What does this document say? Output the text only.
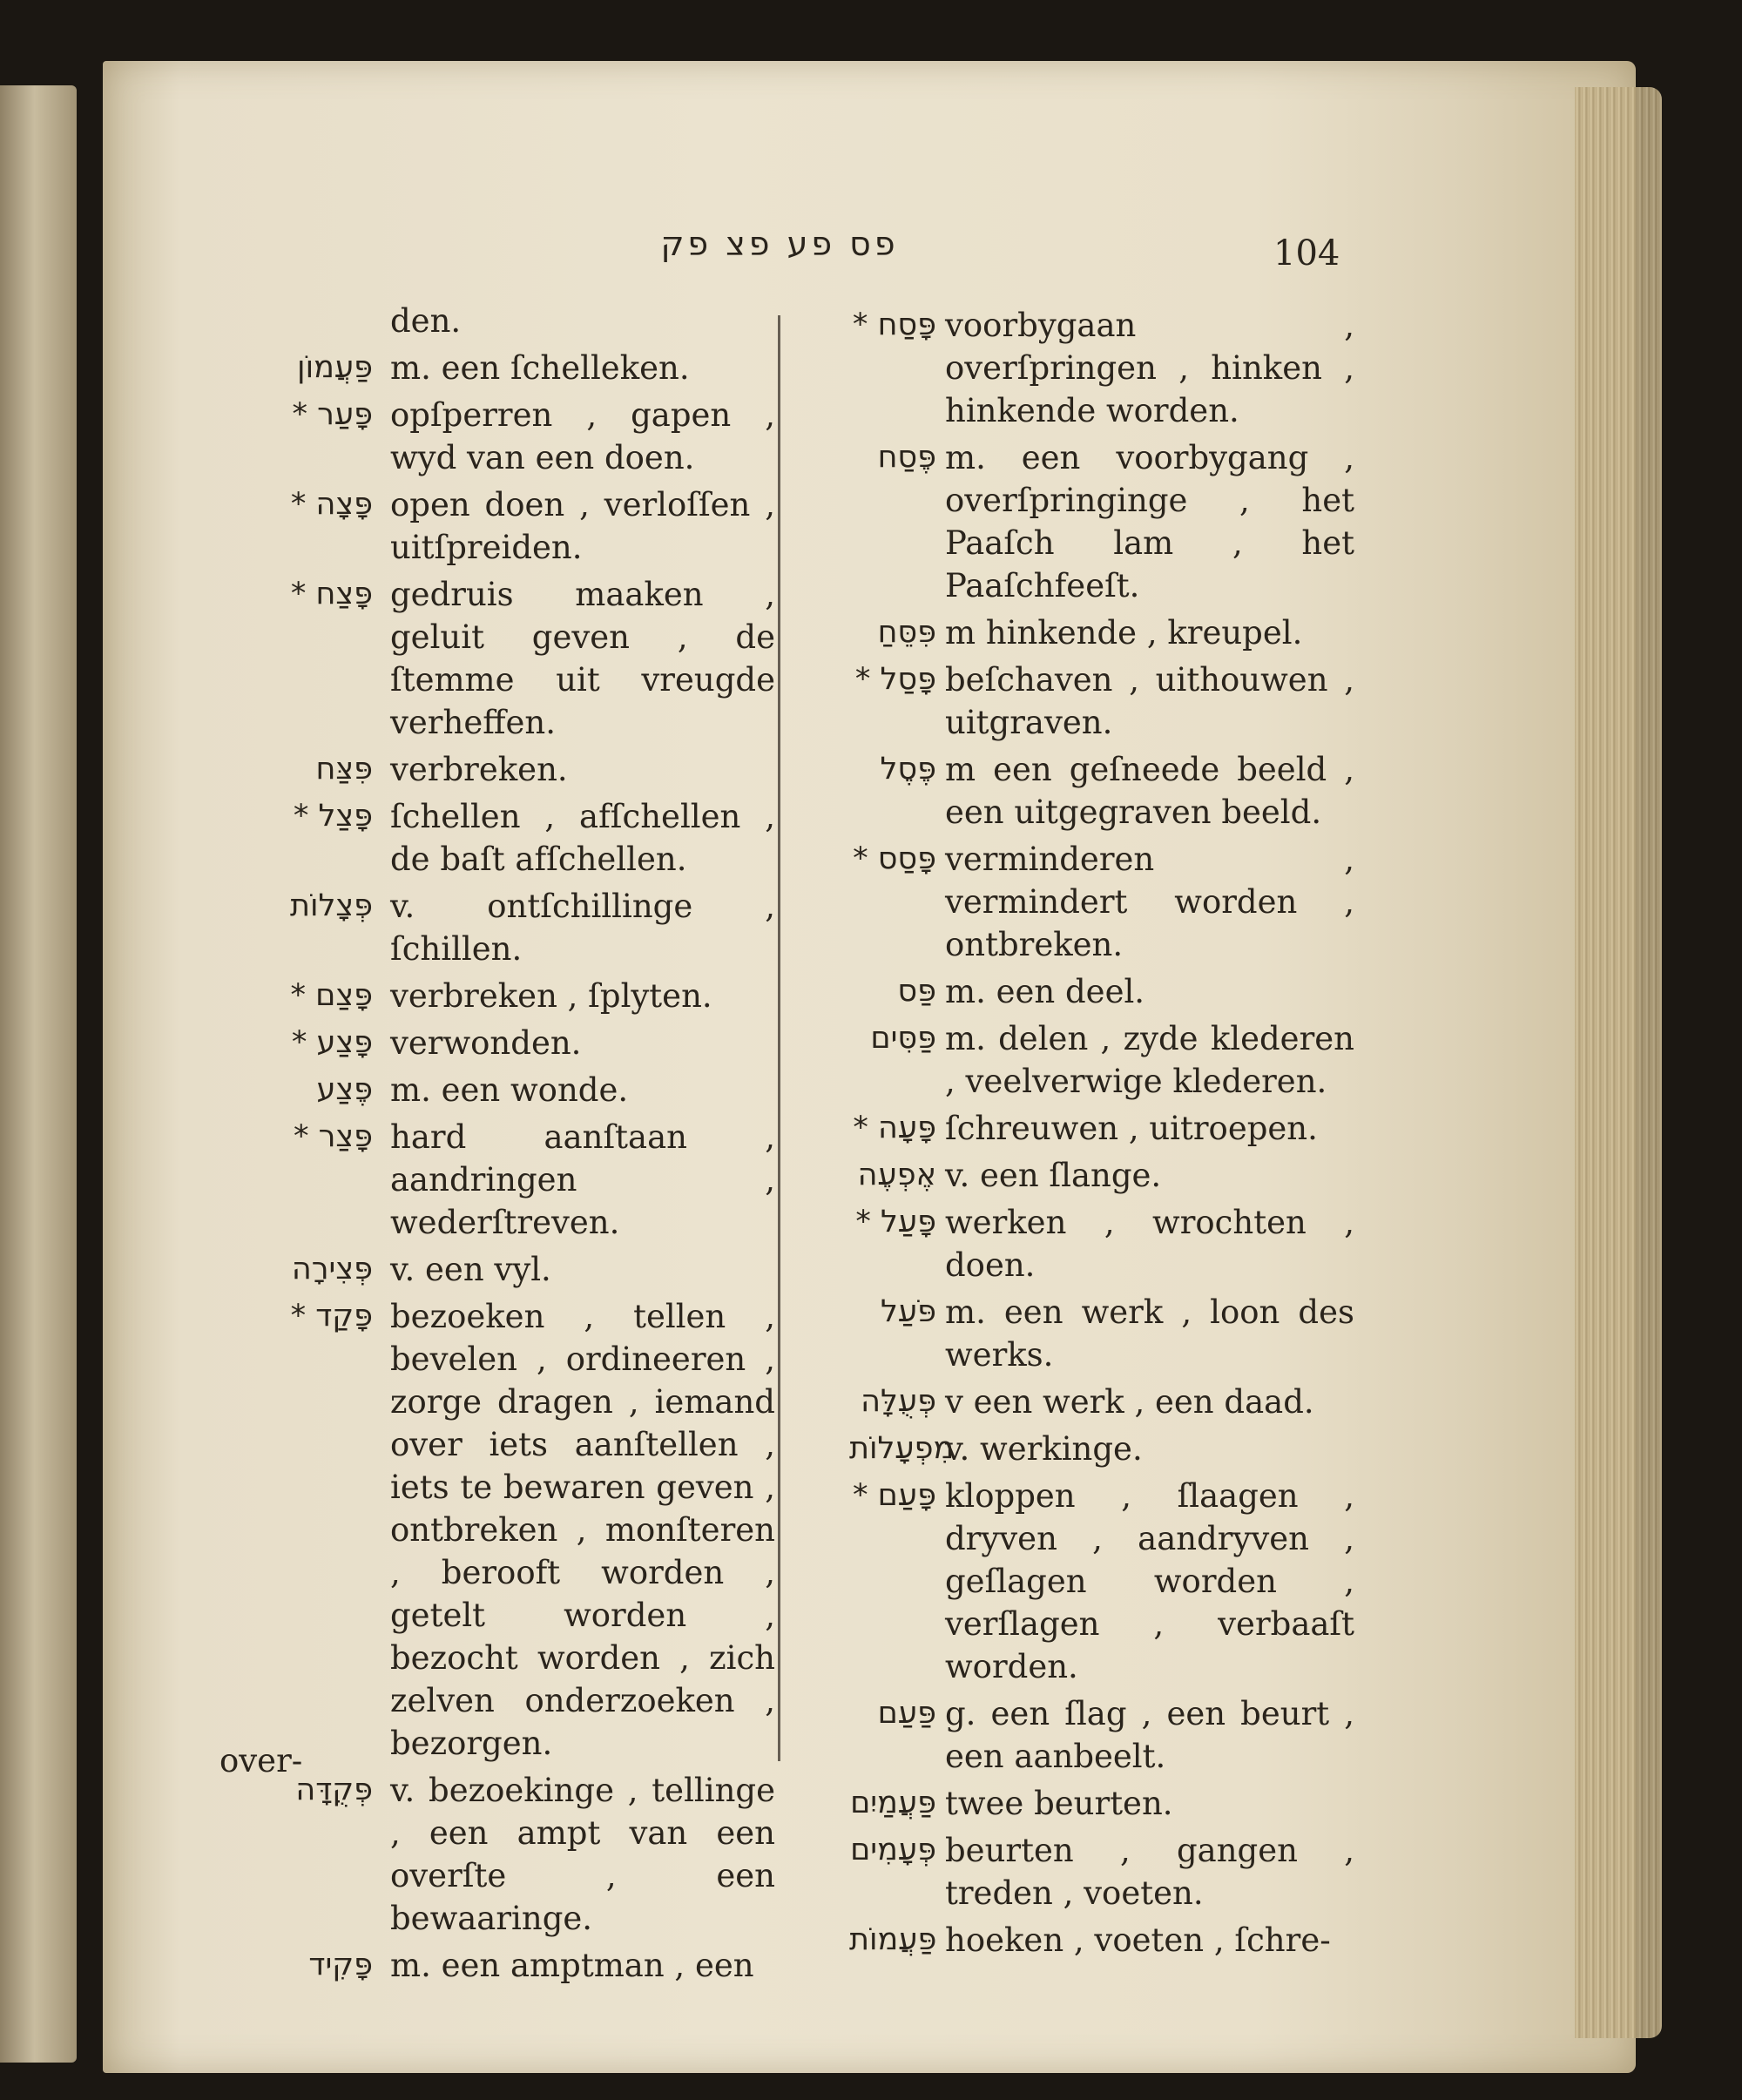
פס פע פצ פק	104
den.
פַּעֲמוֹן m. een ſchelleken.
* פָּעַר opſperren , gapen , wyd van een doen.
* פָּצָה open doen , verloſſen , uitſpreiden.
* פָּצַח gedruis maaken , geluit geven , de ſtemme uit vreugde verheffen.
פִּצַּח verbreken.
* פָּצַל ſchellen , afſchellen , de baſt afſchellen.
פְּצָלוֹת v. ontſchillinge , ſchillen.
* פָּצַם verbreken , ſplyten.
* פָּצַע verwonden.
פֶּצַע m. een wonde.
* פָּצַר hard aanſtaan , aandringen , wederſtreven.
פְּצִירָה v. een vyl.
* פָּקַד bezoeken , tellen , bevelen , ordineeren , zorge dragen , iemand over iets aanſtellen , iets te bewaren geven , ontbreken , monſteren , berooft worden , getelt worden , bezocht worden , zich zelven onderzoeken , bezorgen.
פְּקֻדָּה v. bezoekinge , tellinge , een ampt van een overſte , een bewaaringe.
פָּקִיד m. een amptman , een
* פָּסַח voorbygaan , overſpringen , hinken , hinkende worden.
פֶּסַח m. een voorbygang , overſpringinge , het Paaſch lam , het Paaſchfeeſt.
פִּסֵּחַ m hinkende , kreupel.
* פָּסַל beſchaven , uithouwen , uitgraven.
פֶּסֶל m een geſneede beeld , een uitgegraven beeld.
* פָּסַס verminderen , vermindert worden , ontbreken.
פַּס m. een deel.
פַּסִּים m. delen , zyde klederen , veelverwige klederen.
* פָּעָה ſchreuwen , uitroepen.
אֶפְעֶה v. een ſlange.
* פָּעַל werken , wrochten , doen.
פֹּעַל m. een werk , loon des werks.
פְּעֻלָּה v een werk , een daad.
מִפְעָלוֹת
v. werkinge.
* פָּעַם kloppen , ſlaagen , dryven , aandryven , geſlagen worden , verſlagen , verbaaſt worden.
פַּעַם g. een ſlag , een beurt , een aanbeelt.
פַּעֲמַיִם twee beurten.
פְּעָמִים beurten , gangen , treden , voeten.
פַּעֲמוֹת hoeken , voeten , ſchre-
over-
